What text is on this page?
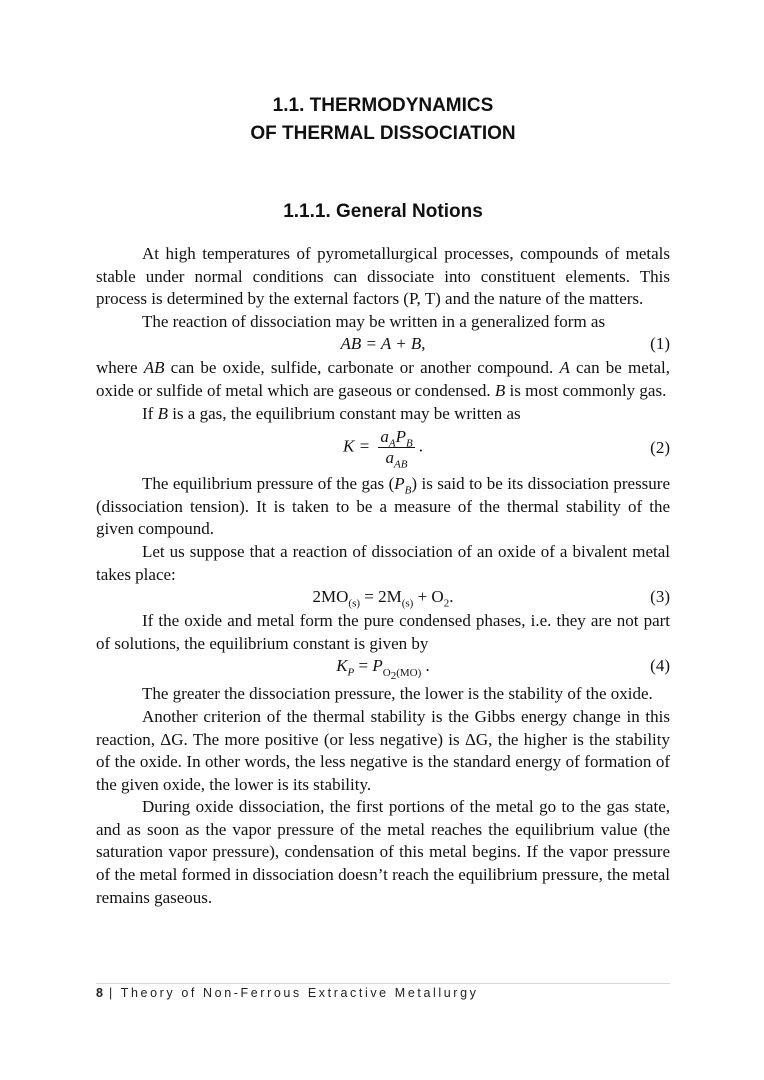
1.1. THERMODYNAMICS
OF THERMAL DISSOCIATION
1.1.1. General Notions

At high temperatures of pyrometallurgical processes, compounds of metals stable under normal conditions can dissociate into constituent elements. This process is determined by the external factors (P, T) and the nature of the matters.

The reaction of dissociation may be written in a generalized form as

AB = A + B,	(1)

where AB can be oxide, sulfide, carbonate or another compound. A can be metal, oxide or sulfide of metal which are gaseous or condensed. B is most commonly gas.

If B is a gas, the equilibrium constant may be written as

$K = \frac{a_AP_B}{a_{AB}}$ .	(2)

The equilibrium pressure of the gas $(P_B)$ is said to be its dissociation pressure (dissociation tension). It is taken to be a measure of the thermal stability of the given compound.

Let us suppose that a reaction of dissociation of an oxide of a bivalent metal takes place:

$2MO_{(s)} = 2M_{(s)} + O_2$.	(3)

If the oxide and metal form the pure condensed phases, i.e. they are not part of solutions, the equilibrium constant is given by

$K_P = P_{O_2(MO)}$ .	(4)

The greater the dissociation pressure, the lower is the stability of the oxide.

Another criterion of the thermal stability is the Gibbs energy change in this reaction, ΔG. The more positive (or less negative) is ΔG, the higher is the stability of the oxide. In other words, the less negative is the standard energy of formation of the given oxide, the lower is its stability.

During oxide dissociation, the first portions of the metal go to the gas state, and as soon as the vapor pressure of the metal reaches the equilibrium value (the saturation vapor pressure), condensation of this metal begins. If the vapor pressure of the metal formed in dissociation doesn’t reach the equilibrium pressure, the metal remains gaseous.

8 | Theory of Non-Ferrous Extractive Metallurgy
